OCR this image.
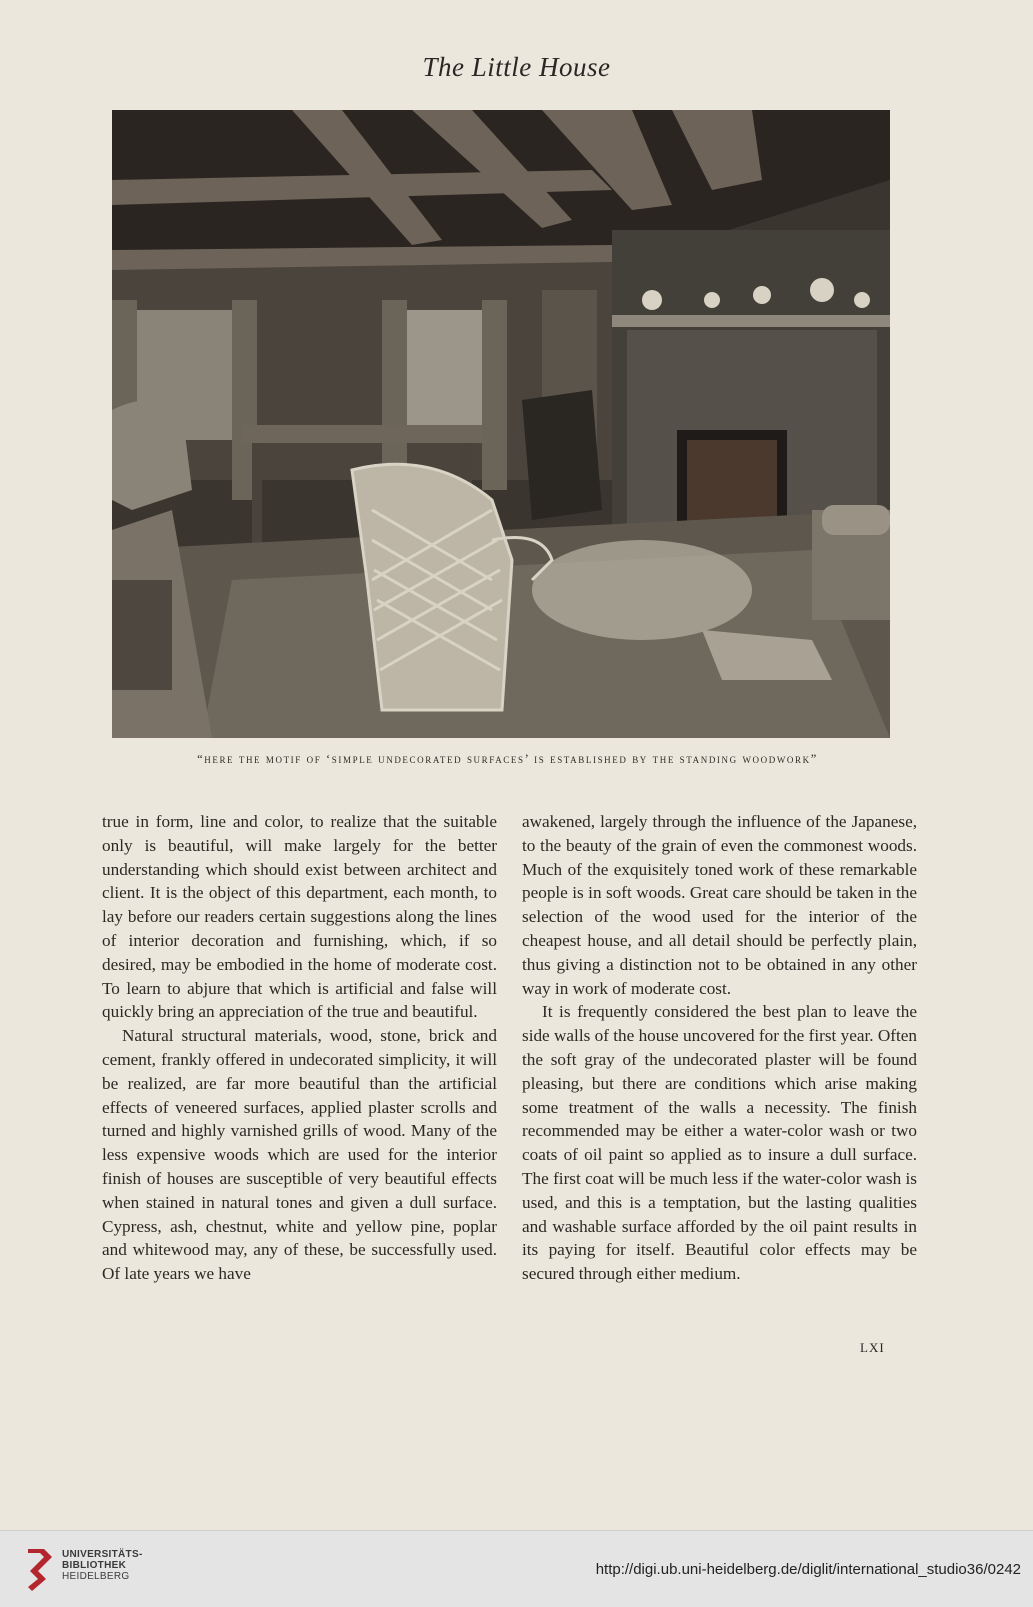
The Little House
“here the motif of ‘simple undecorated surfaces’ is established by the standing woodwork”

true in form, line and color, to realize that the suitable only is beautiful, will make largely for the better understanding which should exist between architect and client. It is the object of this department, each month, to lay before our readers certain suggestions along the lines of interior decoration and furnishing, which, if so desired, may be embodied in the home of moderate cost. To learn to abjure that which is artificial and false will quickly bring an appreciation of the true and beautiful.

Natural structural materials, wood, stone, brick and cement, frankly offered in undecorated simplicity, it will be realized, are far more beautiful than the artificial effects of veneered surfaces, applied plaster scrolls and turned and highly varnished grills of wood. Many of the less expensive woods which are used for the interior finish of houses are susceptible of very beautiful effects when stained in natural tones and given a dull surface. Cypress, ash, chestnut, white and yellow pine, poplar and whitewood may, any of these, be successfully used. Of late years we have

awakened, largely through the influence of the Japanese, to the beauty of the grain of even the commonest woods. Much of the exquisitely toned work of these remarkable people is in soft woods. Great care should be taken in the selection of the wood used for the interior of the cheapest house, and all detail should be perfectly plain, thus giving a distinction not to be obtained in any other way in work of moderate cost.

It is frequently considered the best plan to leave the side walls of the house uncovered for the first year. Often the soft gray of the undecorated plaster will be found pleasing, but there are conditions which arise making some treatment of the walls a necessity. The finish recommended may be either a water-color wash or two coats of oil paint so applied as to insure a dull surface. The first coat will be much less if the water-color wash is used, and this is a temptation, but the lasting qualities and washable surface afforded by the oil paint results in its paying for itself. Beautiful color effects may be secured through either medium.

LXI
UNIVERSITÄTS-
BIBLIOTHEK
HEIDELBERG	http://digi.ub.uni-heidelberg.de/diglit/international_studio36/0242
